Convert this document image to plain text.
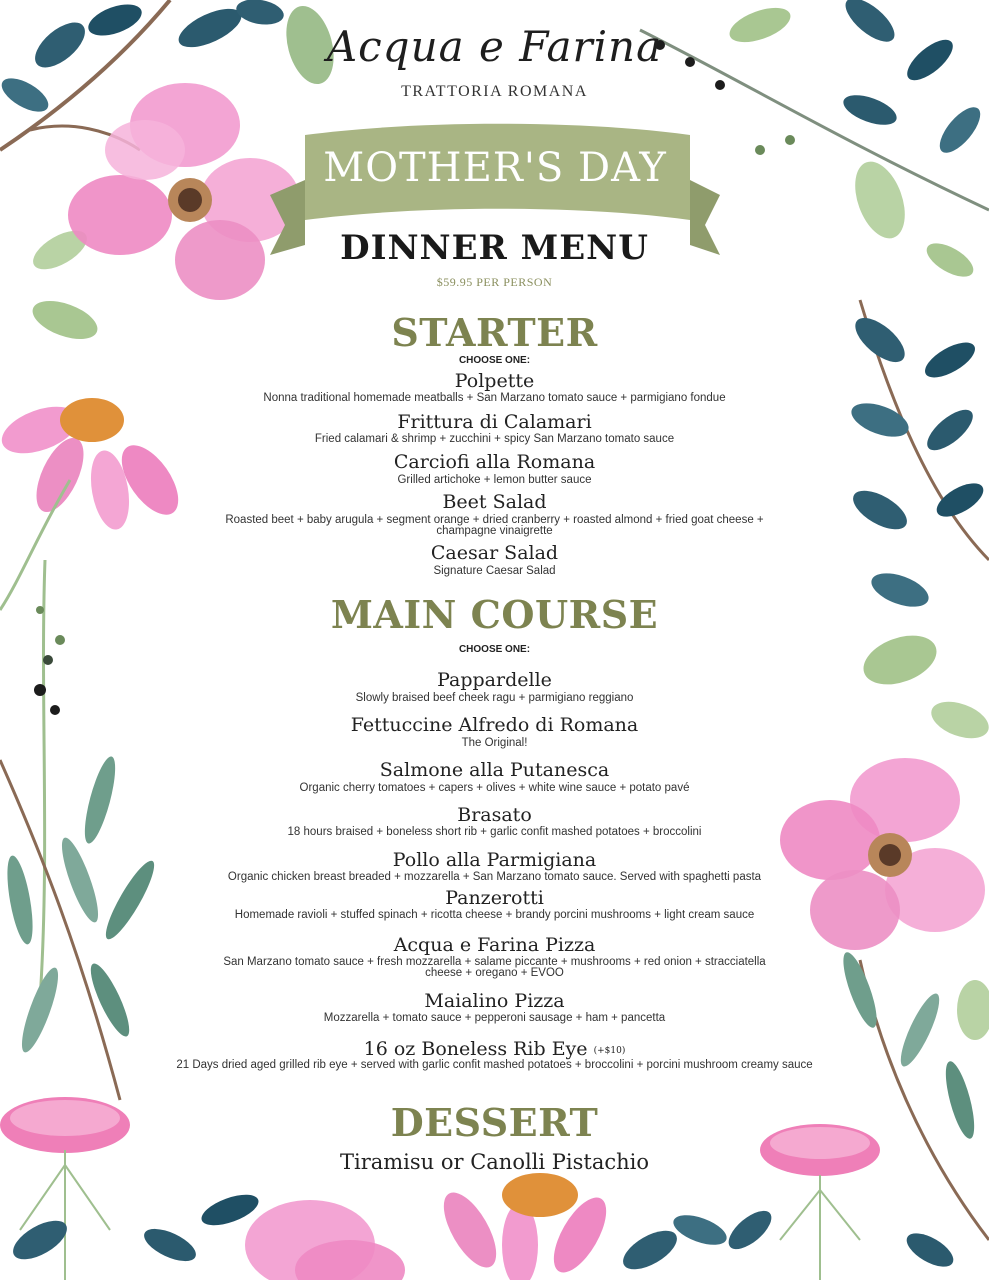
Acqua e Farina
TRATTORIA ROMANA
MOTHER'S DAY
DINNER MENU
$59.95 PER PERSON
STARTER
CHOOSE ONE:
Polpette
Nonna traditional homemade meatballs + San Marzano tomato sauce + parmigiano fondue
Frittura di Calamari
Fried calamari & shrimp + zucchini + spicy San Marzano tomato sauce
Carciofi alla Romana
Grilled artichoke + lemon butter sauce
Beet Salad
Roasted beet + baby arugula + segment orange + dried cranberry + roasted almond + fried goat cheese + champagne vinaigrette
Caesar Salad
Signature Caesar Salad
MAIN COURSE
CHOOSE ONE:
Pappardelle
Slowly braised beef cheek ragu + parmigiano reggiano
Fettuccine Alfredo di Romana
The Original!
Salmone alla Putanesca
Organic cherry tomatoes + capers + olives + white wine sauce + potato pavé
Brasato
18 hours braised + boneless short rib + garlic confit mashed potatoes + broccolini
Pollo alla Parmigiana
Organic chicken breast breaded + mozzarella + San Marzano tomato sauce. Served with spaghetti pasta
Panzerotti
Homemade ravioli + stuffed spinach + ricotta cheese + brandy porcini mushrooms + light cream sauce
Acqua e Farina Pizza
San Marzano tomato sauce + fresh mozzarella + salame piccante + mushrooms + red onion + stracciatella cheese + oregano + EVOO
Maialino Pizza
Mozzarella + tomato sauce + pepperoni sausage + ham + pancetta
16 oz Boneless Rib Eye (+$10)
21 Days dried aged grilled rib eye + served with garlic confit mashed potatoes + broccolini + porcini mushroom creamy sauce
DESSERT
Tiramisu or Canolli Pistachio
